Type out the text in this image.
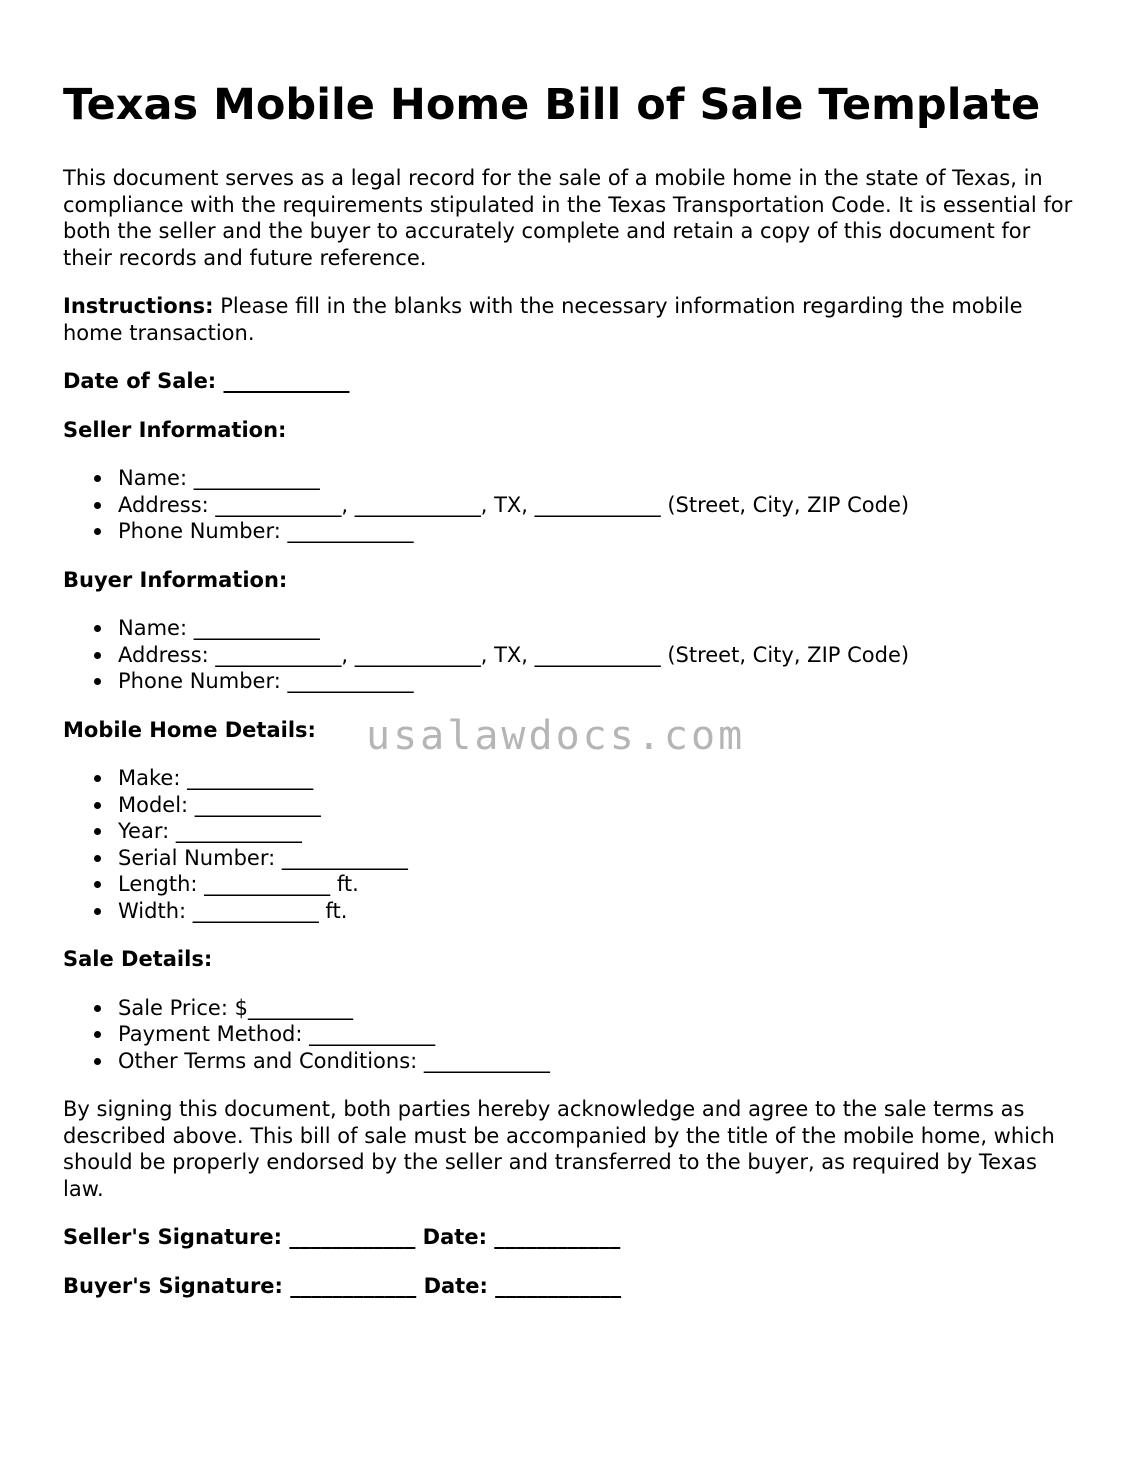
Texas Mobile Home Bill of Sale Template

This document serves as a legal record for the sale of a mobile home in the state of Texas, in compliance with the requirements stipulated in the Texas Transportation Code. It is essential for both the seller and the buyer to accurately complete and retain a copy of this document for their records and future reference.

Instructions: Please fill in the blanks with the necessary information regarding the mobile home transaction.

Date of Sale: ____________

Seller Information:

Name: ____________
Address: ____________, ____________, TX, ____________ (Street, City, ZIP Code)
Phone Number: ____________

Buyer Information:

Name: ____________
Address: ____________, ____________, TX, ____________ (Street, City, ZIP Code)
Phone Number: ____________

Mobile Home Details:

Make: ____________
Model: ____________
Year: ____________
Serial Number: ____________
Length: ____________ ft.
Width: ____________ ft.

Sale Details:

Sale Price: $__________
Payment Method: ____________
Other Terms and Conditions: ____________

By signing this document, both parties hereby acknowledge and agree to the sale terms as described above. This bill of sale must be accompanied by the title of the mobile home, which should be properly endorsed by the seller and transferred to the buyer, as required by Texas law.

Seller's Signature: ____________ Date: ____________

Buyer's Signature: ____________ Date: ____________

usalawdocs.com
